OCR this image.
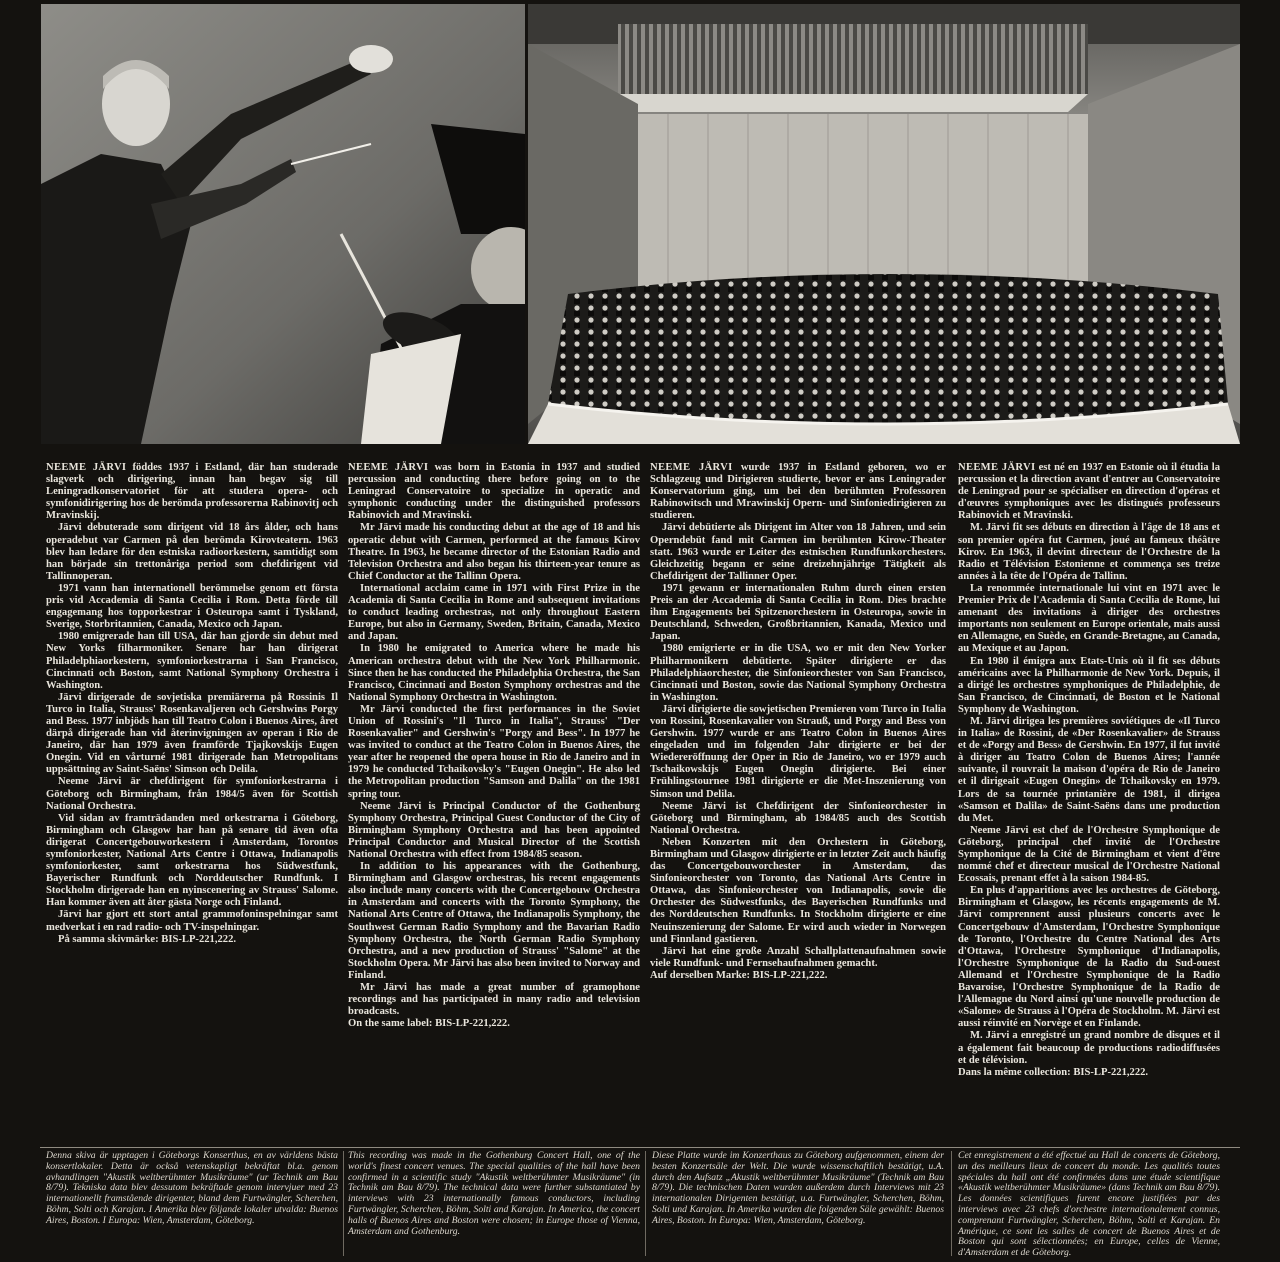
NEEME JÄRVI föddes 1937 i Estland, där han studerade slagverk och dirigering, innan han begav sig till Leningradkonservatoriet för att studera opera- och symfonidirigering hos de berömda professorerna Rabinovitj och Mravinskij.

Järvi debuterade som dirigent vid 18 års ålder, och hans operadebut var Carmen på den berömda Kirovteatern. 1963 blev han ledare för den estniska radioorkestern, samtidigt som han började sin trettonåriga period som chefdirigent vid Tallinnoperan.

1971 vann han internationell berömmelse genom ett första pris vid Accademia di Santa Cecilia i Rom. Detta förde till engagemang hos topporkestrar i Osteuropa samt i Tyskland, Sverige, Storbritannien, Canada, Mexico och Japan.

1980 emigrerade han till USA, där han gjorde sin debut med New Yorks filharmoniker. Senare har han dirigerat Philadelphiaorkestern, symfoniorkestrarna i San Francisco, Cincinnati och Boston, samt National Symphony Orchestra i Washington.

Järvi dirigerade de sovjetiska premiärerna på Rossinis Il Turco in Italia, Strauss' Rosenkavaljeren och Gershwins Porgy and Bess. 1977 inbjöds han till Teatro Colon i Buenos Aires, året därpå dirigerade han vid återinvigningen av operan i Rio de Janeiro, där han 1979 även framförde Tjajkovskijs Eugen Onegin. Vid en vårturné 1981 dirigerade han Metropolitans uppsättning av Saint-Saëns' Simson och Delila.

Neeme Järvi är chefdirigent för symfoniorkestrarna i Göteborg och Birmingham, från 1984/5 även för Scottish National Orchestra.

Vid sidan av framträdanden med orkestrarna i Göteborg, Birmingham och Glasgow har han på senare tid även ofta dirigerat Concertgebouworkestern i Amsterdam, Torontos symfoniorkester, National Arts Centre i Ottawa, Indianapolis symfoniorkester, samt orkestrarna hos Südwestfunk, Bayerischer Rundfunk och Norddeutscher Rundfunk. I Stockholm dirigerade han en nyinscenering av Strauss' Salome. Han kommer även att åter gästa Norge och Finland.

Järvi har gjort ett stort antal grammofoninspelningar samt medverkat i en rad radio- och TV-inspelningar.

På samma skivmärke: BIS-LP-221,222.

NEEME JÄRVI was born in Estonia in 1937 and studied percussion and conducting there before going on to the Leningrad Conservatoire to specialize in operatic and symphonic conducting under the distinguished professors Rabinovich and Mravinski.

Mr Järvi made his conducting debut at the age of 18 and his operatic debut with Carmen, performed at the famous Kirov Theatre. In 1963, he became director of the Estonian Radio and Television Orchestra and also began his thirteen-year tenure as Chief Conductor at the Tallinn Opera.

International acclaim came in 1971 with First Prize in the Academia di Santa Cecilia in Rome and subsequent invitations to conduct leading orchestras, not only throughout Eastern Europe, but also in Germany, Sweden, Britain, Canada, Mexico and Japan.

In 1980 he emigrated to America where he made his American orchestra debut with the New York Philharmonic. Since then he has conducted the Philadelphia Orchestra, the San Francisco, Cincinnati and Boston Symphony orchestras and the National Symphony Orchestra in Washington.

Mr Järvi conducted the first performances in the Soviet Union of Rossini's "Il Turco in Italia", Strauss' "Der Rosenkavalier" and Gershwin's "Porgy and Bess". In 1977 he was invited to conduct at the Teatro Colon in Buenos Aires, the year after he reopened the opera house in Rio de Janeiro and in 1979 he conducted Tchaikovsky's "Eugen Onegin". He also led the Metropolitan production "Samson and Dalila" on the 1981 spring tour.

Neeme Järvi is Principal Conductor of the Gothenburg Symphony Orchestra, Principal Guest Conductor of the City of Birmingham Symphony Orchestra and has been appointed Principal Conductor and Musical Director of the Scottish National Orchestra with effect from 1984/85 season.

In addition to his appearances with the Gothenburg, Birmingham and Glasgow orchestras, his recent engagements also include many concerts with the Concertgebouw Orchestra in Amsterdam and concerts with the Toronto Symphony, the National Arts Centre of Ottawa, the Indianapolis Symphony, the Southwest German Radio Symphony and the Bavarian Radio Symphony Orchestra, the North German Radio Symphony Orchestra, and a new production of Strauss' "Salome" at the Stockholm Opera. Mr Järvi has also been invited to Norway and Finland.

Mr Järvi has made a great number of gramophone recordings and has participated in many radio and television broadcasts.

On the same label: BIS-LP-221,222.

NEEME JÄRVI wurde 1937 in Estland geboren, wo er Schlagzeug und Dirigieren studierte, bevor er ans Leningrader Konservatorium ging, um bei den berühmten Professoren Rabinowitsch und Mrawinskij Opern- und Sinfoniedirigieren zu studieren.

Järvi debütierte als Dirigent im Alter von 18 Jahren, und sein Operndebüt fand mit Carmen im berühmten Kirow-Theater statt. 1963 wurde er Leiter des estnischen Rundfunkorchesters. Gleichzeitig begann er seine dreizehnjährige Tätigkeit als Chefdirigent der Tallinner Oper.

1971 gewann er internationalen Ruhm durch einen ersten Preis an der Accademia di Santa Cecilia in Rom. Dies brachte ihm Engagements bei Spitzenorchestern in Osteuropa, sowie in Deutschland, Schweden, Großbritannien, Kanada, Mexico und Japan.

1980 emigrierte er in die USA, wo er mit den New Yorker Philharmonikern debütierte. Später dirigierte er das Philadelphiaorchester, die Sinfonieorchester von San Francisco, Cincinnati und Boston, sowie das National Symphony Orchestra in Washington.

Järvi dirigierte die sowjetischen Premieren vom Turco in Italia von Rossini, Rosenkavalier von Strauß, und Porgy and Bess von Gershwin. 1977 wurde er ans Teatro Colon in Buenos Aires eingeladen und im folgenden Jahr dirigierte er bei der Wiedereröffnung der Oper in Rio de Janeiro, wo er 1979 auch Tschaikowskijs Eugen Onegin dirigierte. Bei einer Frühlingstournee 1981 dirigierte er die Met-Inszenierung von Simson und Delila.

Neeme Järvi ist Chefdirigent der Sinfonieorchester in Göteborg und Birmingham, ab 1984/85 auch des Scottish National Orchestra.

Neben Konzerten mit den Orchestern in Göteborg, Birmingham und Glasgow dirigierte er in letzter Zeit auch häufig das Concertgebouworchester in Amsterdam, das Sinfonieorchester von Toronto, das National Arts Centre in Ottawa, das Sinfonieorchester von Indianapolis, sowie die Orchester des Südwestfunks, des Bayerischen Rundfunks und des Norddeutschen Rundfunks. In Stockholm dirigierte er eine Neuinszenierung der Salome. Er wird auch wieder in Norwegen und Finnland gastieren.

Järvi hat eine große Anzahl Schallplattenaufnahmen sowie viele Rundfunk- und Fernsehaufnahmen gemacht.

Auf derselben Marke: BIS-LP-221,222.

NEEME JÄRVI est né en 1937 en Estonie où il étudia la percussion et la direction avant d'entrer au Conservatoire de Leningrad pour se spécialiser en direction d'opéras et d'œuvres symphoniques avec les distingués professeurs Rabinovich et Mravinski.

M. Järvi fit ses débuts en direction à l'âge de 18 ans et son premier opéra fut Carmen, joué au fameux théâtre Kirov. En 1963, il devint directeur de l'Orchestre de la Radio et Télévision Estonienne et commença ses treize années à la tête de l'Opéra de Tallinn.

La renommée internationale lui vint en 1971 avec le Premier Prix de l'Academia di Santa Cecilia de Rome, lui amenant des invitations à diriger des orchestres importants non seulement en Europe orientale, mais aussi en Allemagne, en Suède, en Grande-Bretagne, au Canada, au Mexique et au Japon.

En 1980 il émigra aux Etats-Unis où il fit ses débuts américains avec la Philharmonie de New York. Depuis, il a dirigé les orchestres symphoniques de Philadelphie, de San Francisco, de Cincinnati, de Boston et le National Symphony de Washington.

M. Järvi dirigea les premières soviétiques de «Il Turco in Italia» de Rossini, de «Der Rosenkavalier» de Strauss et de «Porgy and Bess» de Gershwin. En 1977, il fut invité à diriger au Teatro Colon de Buenos Aires; l'année suivante, il rouvrait la maison d'opéra de Rio de Janeiro et il dirigeait «Eugen Onegin» de Tchaikovsky en 1979. Lors de sa tournée printanière de 1981, il dirigea «Samson et Dalila» de Saint-Saëns dans une production du Met.

Neeme Järvi est chef de l'Orchestre Symphonique de Göteborg, principal chef invité de l'Orchestre Symphonique de la Cité de Birmingham et vient d'être nommé chef et directeur musical de l'Orchestre National Ecossais, prenant effet à la saison 1984-85.

En plus d'apparitions avec les orchestres de Göteborg, Birmingham et Glasgow, les récents engagements de M. Järvi comprennent aussi plusieurs concerts avec le Concertgebouw d'Amsterdam, l'Orchestre Symphonique de Toronto, l'Orchestre du Centre National des Arts d'Ottawa, l'Orchestre Symphonique d'Indianapolis, l'Orchestre Symphonique de la Radio du Sud-ouest Allemand et l'Orchestre Symphonique de la Radio Bavaroise, l'Orchestre Symphonique de la Radio de l'Allemagne du Nord ainsi qu'une nouvelle production de «Salome» de Strauss à l'Opéra de Stockholm. M. Järvi est aussi réinvité en Norvège et en Finlande.

M. Järvi a enregistré un grand nombre de disques et il a également fait beaucoup de productions radiodiffusées et de télévision.

Dans la même collection: BIS-LP-221,222.

Denna skiva är upptagen i Göteborgs Konserthus, en av världens bästa konsertlokaler. Detta är också vetenskapligt bekräftat bl.a. genom avhandlingen "Akustik weltberühmter Musikräume" (ur Technik am Bau 8/79). Tekniska data blev dessutom bekräftade genom intervjuer med 23 internationellt framstående dirigenter, bland dem Furtwängler, Scherchen, Böhm, Solti och Karajan. I Amerika blev följande lokaler utvalda: Buenos Aires, Boston. I Europa: Wien, Amsterdam, Göteborg.
This recording was made in the Gothenburg Concert Hall, one of the world's finest concert venues. The special qualities of the hall have been confirmed in a scientific study "Akustik weltberühmter Musikräume" (in Technik am Bau 8/79). The technical data were further substantiated by interviews with 23 internationally famous conductors, including Furtwängler, Scherchen, Böhm, Solti and Karajan. In America, the concert halls of Buenos Aires and Boston were chosen; in Europe those of Vienna, Amsterdam and Gothenburg.
Diese Platte wurde im Konzerthaus zu Göteborg aufgenommen, einem der besten Konzertsäle der Welt. Die wurde wissenschaftlich bestätigt, u.A. durch den Aufsatz „Akustik weltberühmter Musikräume" (Technik am Bau 8/79). Die technischen Daten wurden außerdem durch Interviews mit 23 internationalen Dirigenten bestätigt, u.a. Furtwängler, Scherchen, Böhm, Solti und Karajan. In Amerika wurden die folgenden Säle gewählt: Buenos Aires, Boston. In Europa: Wien, Amsterdam, Göteborg.
Cet enregistrement a été effectué au Hall de concerts de Göteborg, un des meilleurs lieux de concert du monde. Les qualités toutes spéciales du hall ont été confirmées dans une étude scientifique «Akustik weltberühmter Musikräume» (dans Technik am Bau 8/79). Les données scientifiques furent encore justifiées par des interviews avec 23 chefs d'orchestre internationalement connus, comprenant Furtwängler, Scherchen, Böhm, Solti et Karajan. En Amérique, ce sont les salles de concert de Buenos Aires et de Boston qui sont sélectionnées; en Europe, celles de Vienne, d'Amsterdam et de Göteborg.
